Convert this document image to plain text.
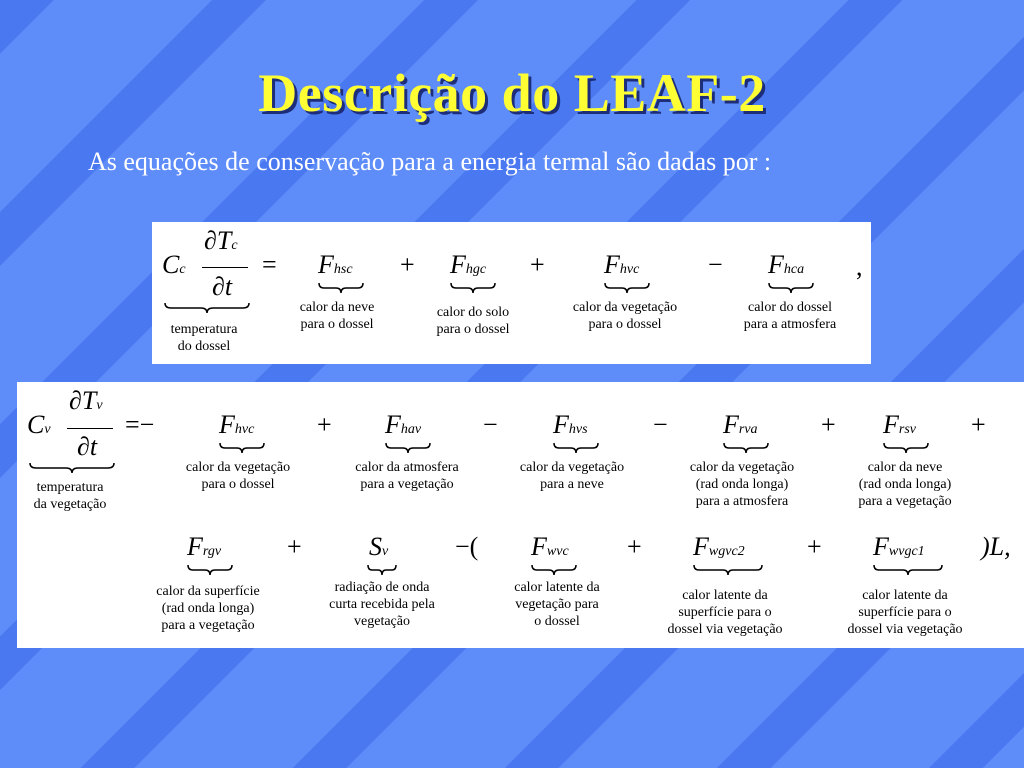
Descrição do LEAF-2
As equações de conservação para a energia termal são dadas por :
Cc
∂Tc
∂t
temperatura
do dossel
= Fhsc
calor da neve
para o dossel
+ Fhgc
calor do solo
para o dossel
+ Fhvc
calor da vegetação
para o dossel
− Fhca
calor do dossel
para a atmosfera
,
Cv
∂Tv
∂t
temperatura
da vegetação
=− Fhvc
calor da vegetação
para o dossel
+ Fhav
calor da atmosfera
para a vegetação
− Fhvs
calor da vegetação
para a neve
− Frva
calor da vegetação
(rad onda longa)
para a atmosfera
+ Frsv
calor da neve
(rad onda longa)
para a vegetação
+
Frgv
calor da superfície
(rad onda longa)
para a vegetação
+	Sv
radiação de onda
curta recebida pela
vegetação
−( Fwvc
calor latente da
vegetação para
o dossel
+ Fwgvc2
calor latente da
superfície para o
dossel via vegetação
+ Fwvgc1
calor latente da
superfície para o
dossel via vegetação
)L,
